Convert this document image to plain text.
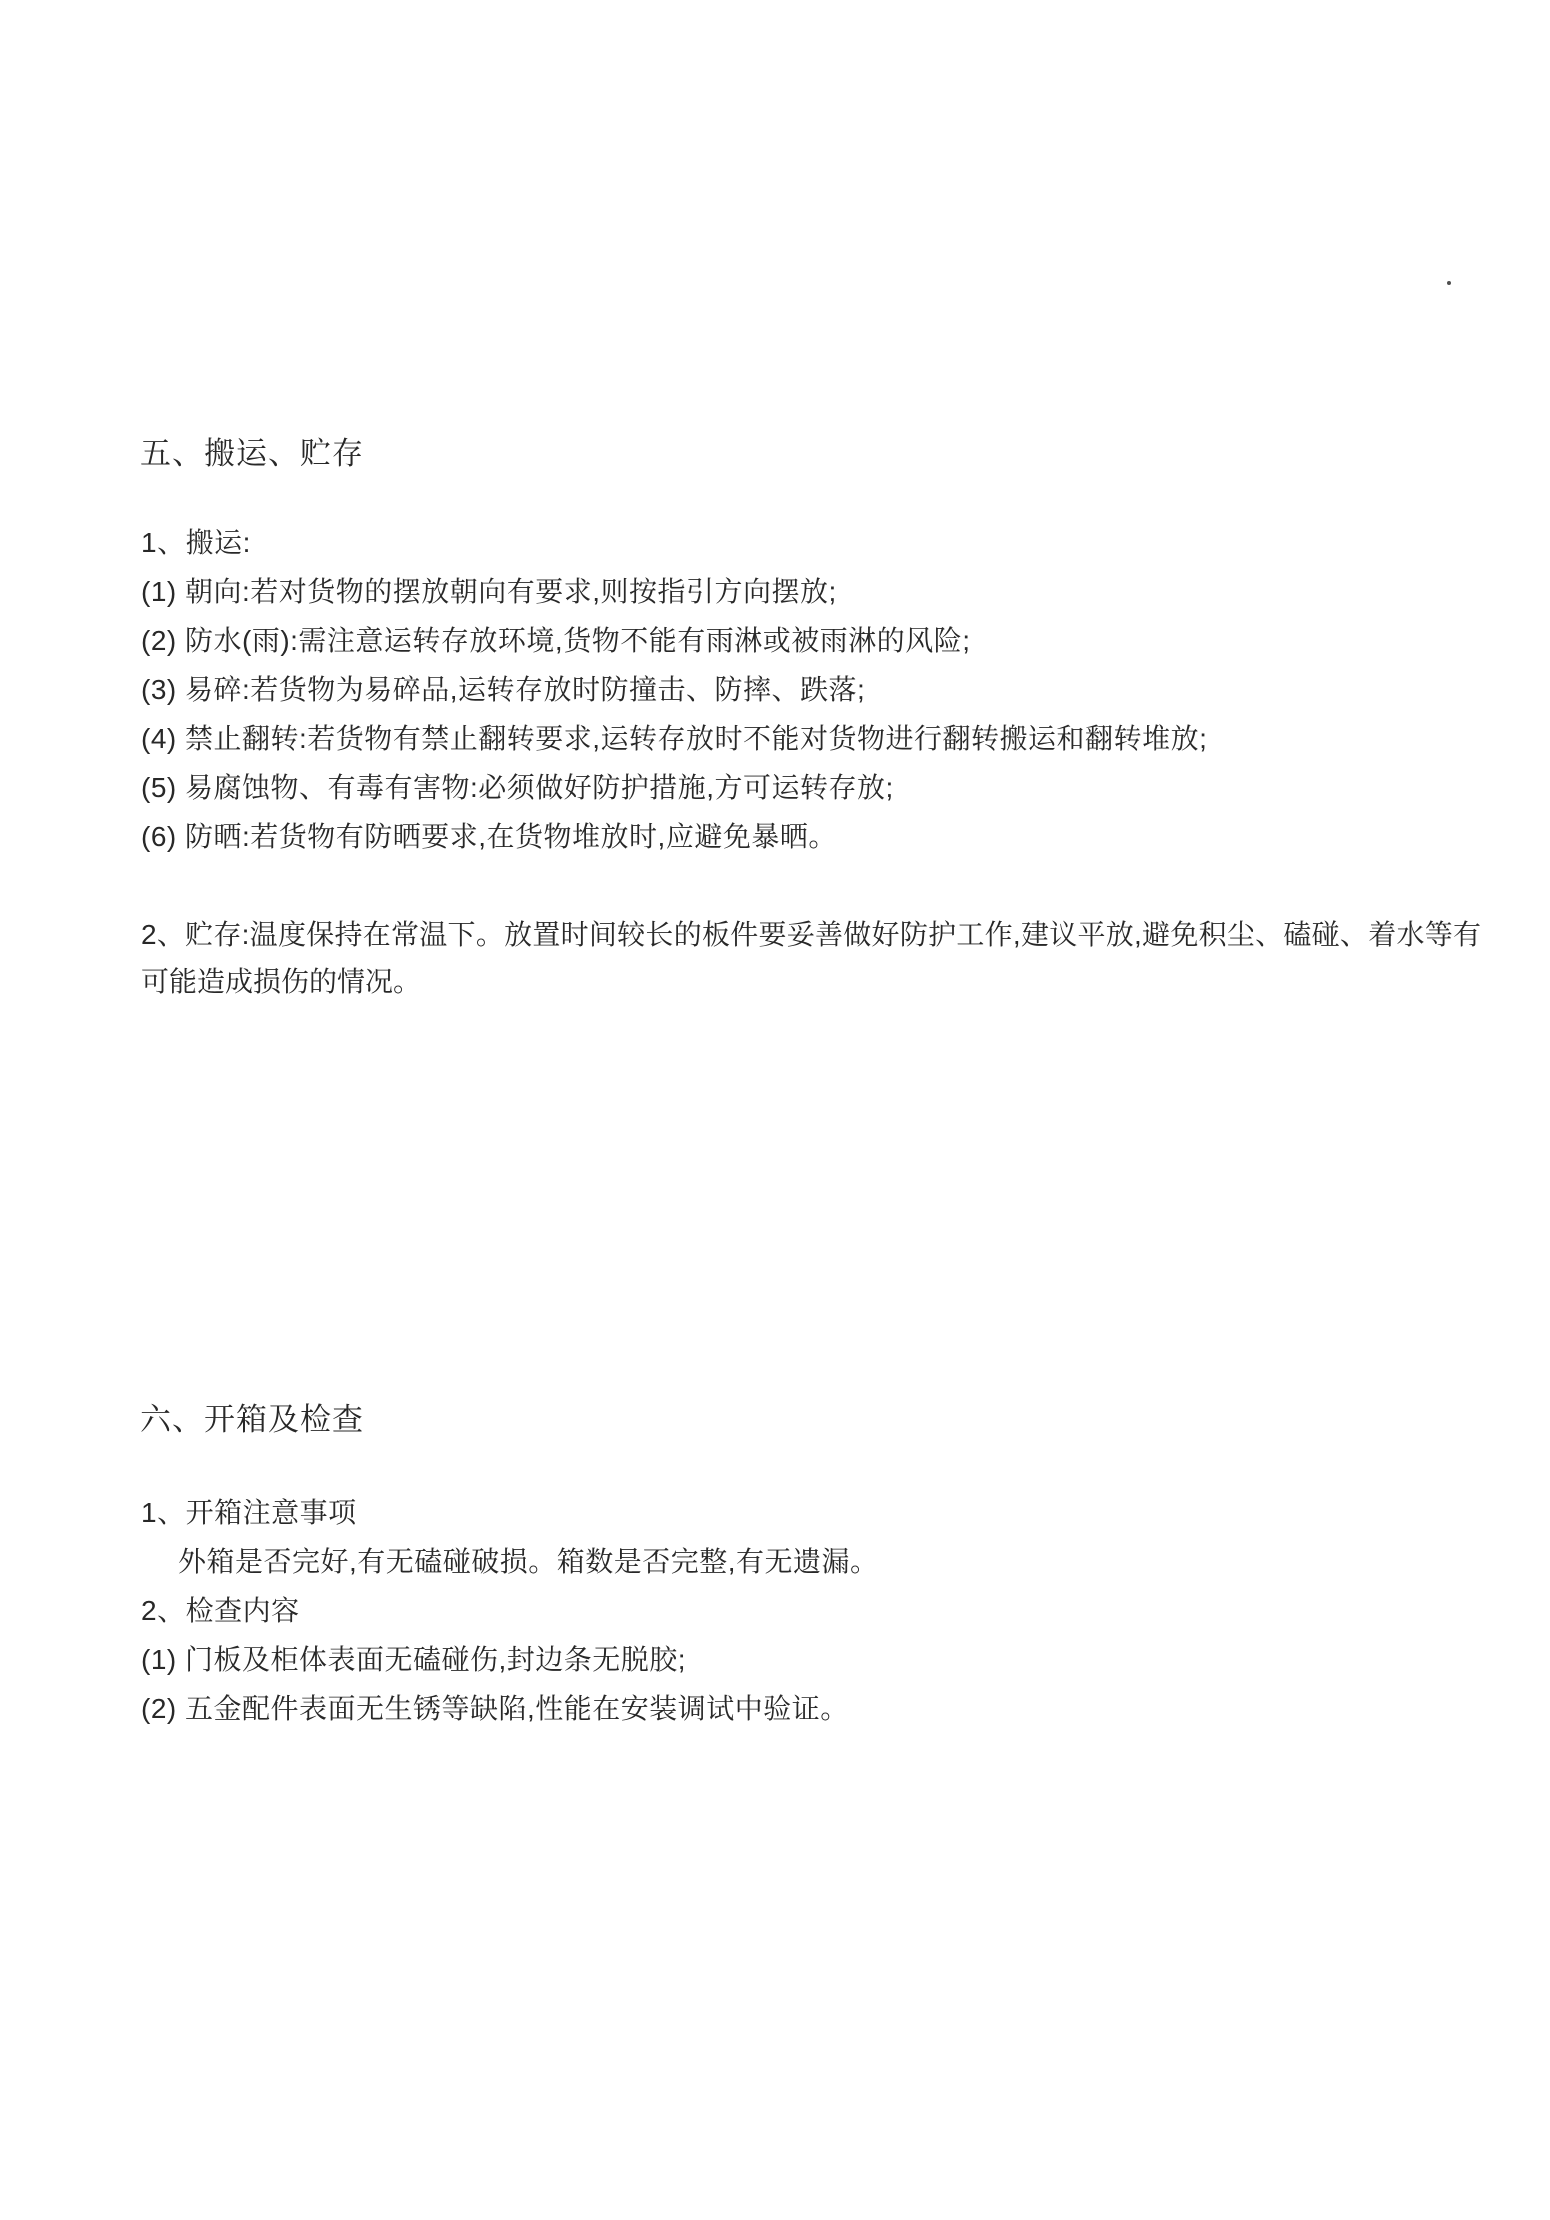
五、搬运、贮存
1、搬运:
(1) 朝向:若对货物的摆放朝向有要求,则按指引方向摆放;
(2) 防水(雨):需注意运转存放环境,货物不能有雨淋或被雨淋的风险;
(3) 易碎:若货物为易碎品,运转存放时防撞击、防摔、跌落;
(4) 禁止翻转:若货物有禁止翻转要求,运转存放时不能对货物进行翻转搬运和翻转堆放;
(5) 易腐蚀物、有毒有害物:必须做好防护措施,方可运转存放;
(6) 防晒:若货物有防晒要求,在货物堆放时,应避免暴晒。

2、贮存:温度保持在常温下。放置时间较长的板件要妥善做好防护工作,建议平放,避免积尘、磕碰、着水等有可能造成损伤的情况。

六、开箱及检查
1、开箱注意事项
外箱是否完好,有无磕碰破损。箱数是否完整,有无遗漏。
2、检查内容
(1) 门板及柜体表面无磕碰伤,封边条无脱胶;
(2) 五金配件表面无生锈等缺陷,性能在安装调试中验证。
